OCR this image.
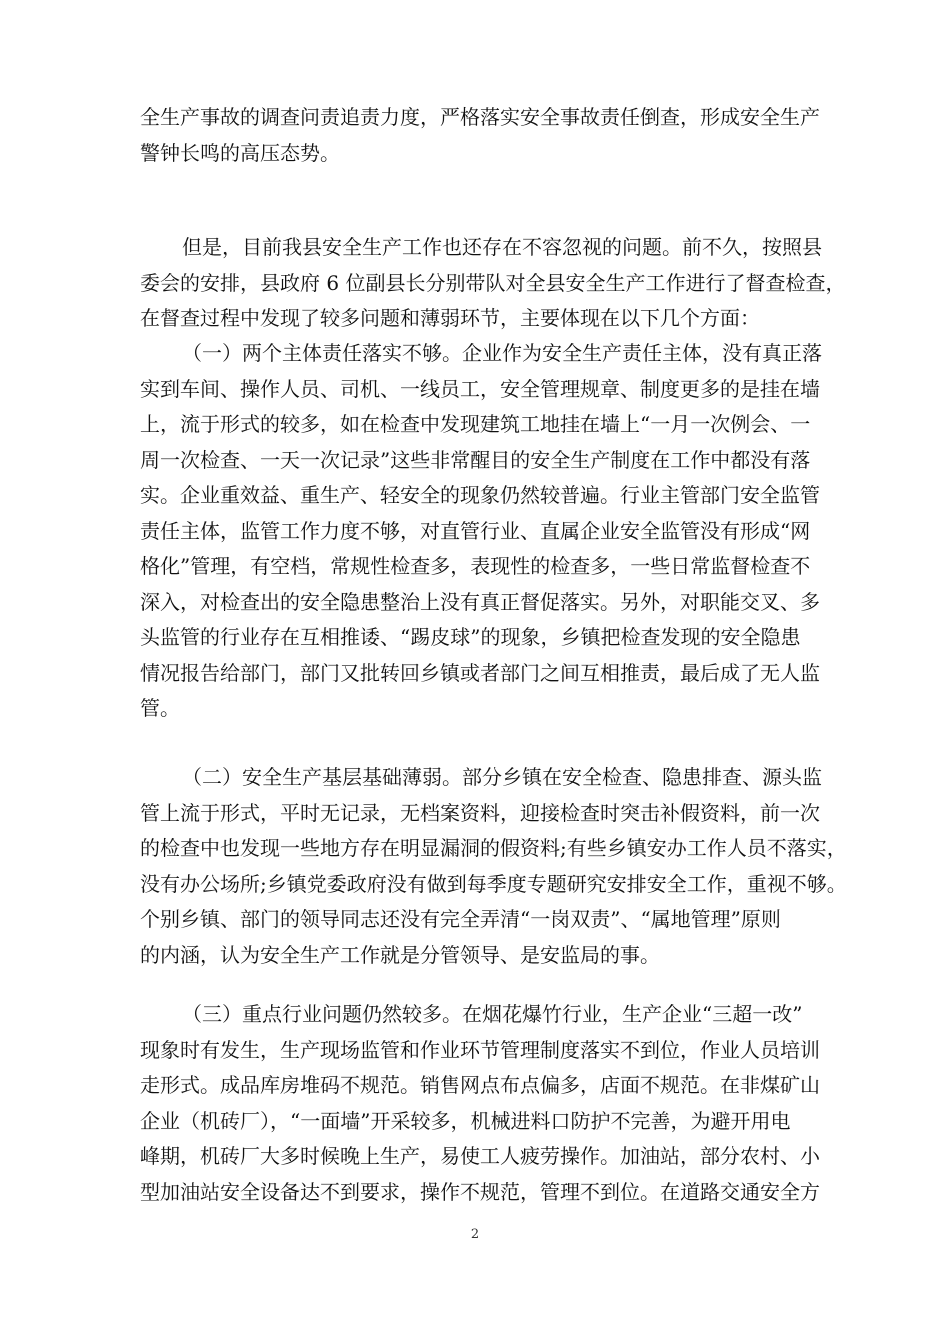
全生产事故的调查问责追责力度，严格落实安全事故责任倒查，形成安全生产
警钟长鸣的高压态势。

但是，目前我县安全生产工作也还存在不容忽视的问题。前不久，按照县
委会的安排，县政府 6 位副县长分别带队对全县安全生产工作进行了督查检查，
在督查过程中发现了较多问题和薄弱环节，主要体现在以下几个方面：

（一）两个主体责任落实不够。企业作为安全生产责任主体，没有真正落
实到车间、操作人员、司机、一线员工，安全管理规章、制度更多的是挂在墙
上，流于形式的较多，如在检查中发现建筑工地挂在墙上“一月一次例会、一
周一次检查、一天一次记录”这些非常醒目的安全生产制度在工作中都没有落
实。企业重效益、重生产、轻安全的现象仍然较普遍。行业主管部门安全监管
责任主体，监管工作力度不够，对直管行业、直属企业安全监管没有形成“网
格化”管理，有空档，常规性检查多，表现性的检查多，一些日常监督检查不
深入，对检查出的安全隐患整治上没有真正督促落实。另外，对职能交叉、多
头监管的行业存在互相推诿、“踢皮球”的现象，乡镇把检查发现的安全隐患
情况报告给部门，部门又批转回乡镇或者部门之间互相推责，最后成了无人监
管。

（二）安全生产基层基础薄弱。部分乡镇在安全检查、隐患排查、源头监
管上流于形式，平时无记录，无档案资料，迎接检查时突击补假资料，前一次
的检查中也发现一些地方存在明显漏洞的假资料;有些乡镇安办工作人员不落实，
没有办公场所;乡镇党委政府没有做到每季度专题研究安排安全工作，重视不够。
个别乡镇、部门的领导同志还没有完全弄清“一岗双责”、“属地管理”原则
的内涵，认为安全生产工作就是分管领导、是安监局的事。

（三）重点行业问题仍然较多。在烟花爆竹行业，生产企业“三超一改”
现象时有发生，生产现场监管和作业环节管理制度落实不到位，作业人员培训
走形式。成品库房堆码不规范。销售网点布点偏多，店面不规范。在非煤矿山
企业（机砖厂），“一面墙”开采较多，机械进料口防护不完善，为避开用电
峰期，机砖厂大多时候晚上生产，易使工人疲劳操作。加油站，部分农村、小
型加油站安全设备达不到要求，操作不规范，管理不到位。在道路交通安全方

2
